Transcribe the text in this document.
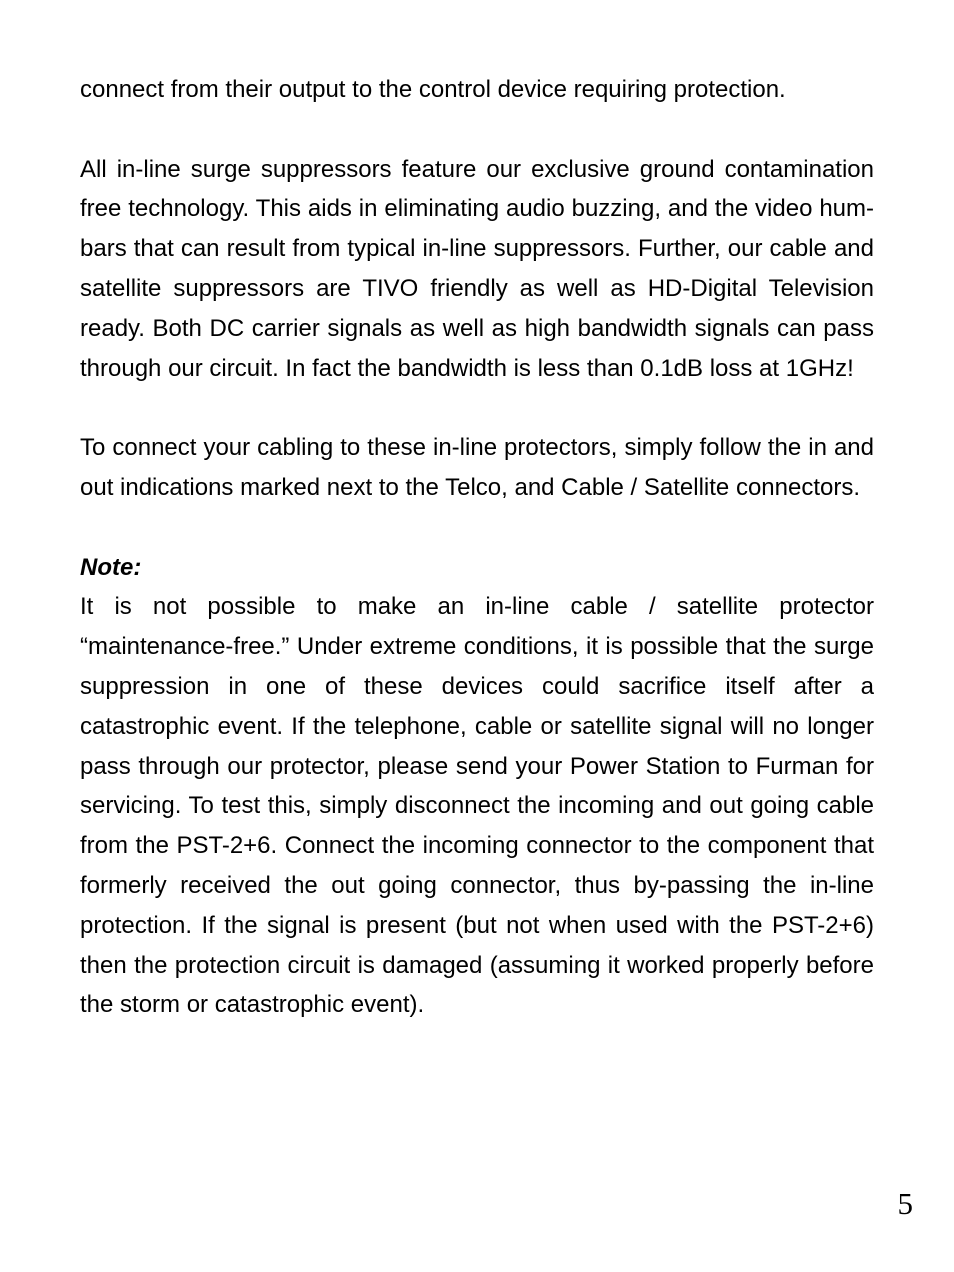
connect from their output to the control device requiring protection.

All in-line surge suppressors feature our exclusive ground contamination free technology. This aids in eliminating audio buzzing, and the video hum-bars that can result from typical in-line suppressors. Further, our cable and satellite suppressors are TIVO friendly as well as HD-Digital Television ready. Both DC carrier signals as well as high bandwidth signals can pass through our circuit. In fact the bandwidth is less than 0.1dB loss at 1GHz!

To connect your cabling to these in-line protectors, simply follow the in and out indications marked next to the Telco, and Cable / Satellite connectors.

Note:

It is not possible to make an in-line cable / satellite protector “maintenance-free.” Under extreme conditions, it is possible that the surge suppression in one of these devices could sacrifice itself after a catastrophic event. If the telephone, cable or satellite signal will no longer pass through our protector, please send your Power Station to Furman for servicing. To test this, simply disconnect the incoming and out going cable from the PST-2+6. Connect the incoming connector to the component that formerly received the out going connector, thus by-passing the in-line protection. If the signal is present (but not when used with the PST-2+6) then the protection circuit is damaged (assuming it worked properly before the storm or catastrophic event).

5
